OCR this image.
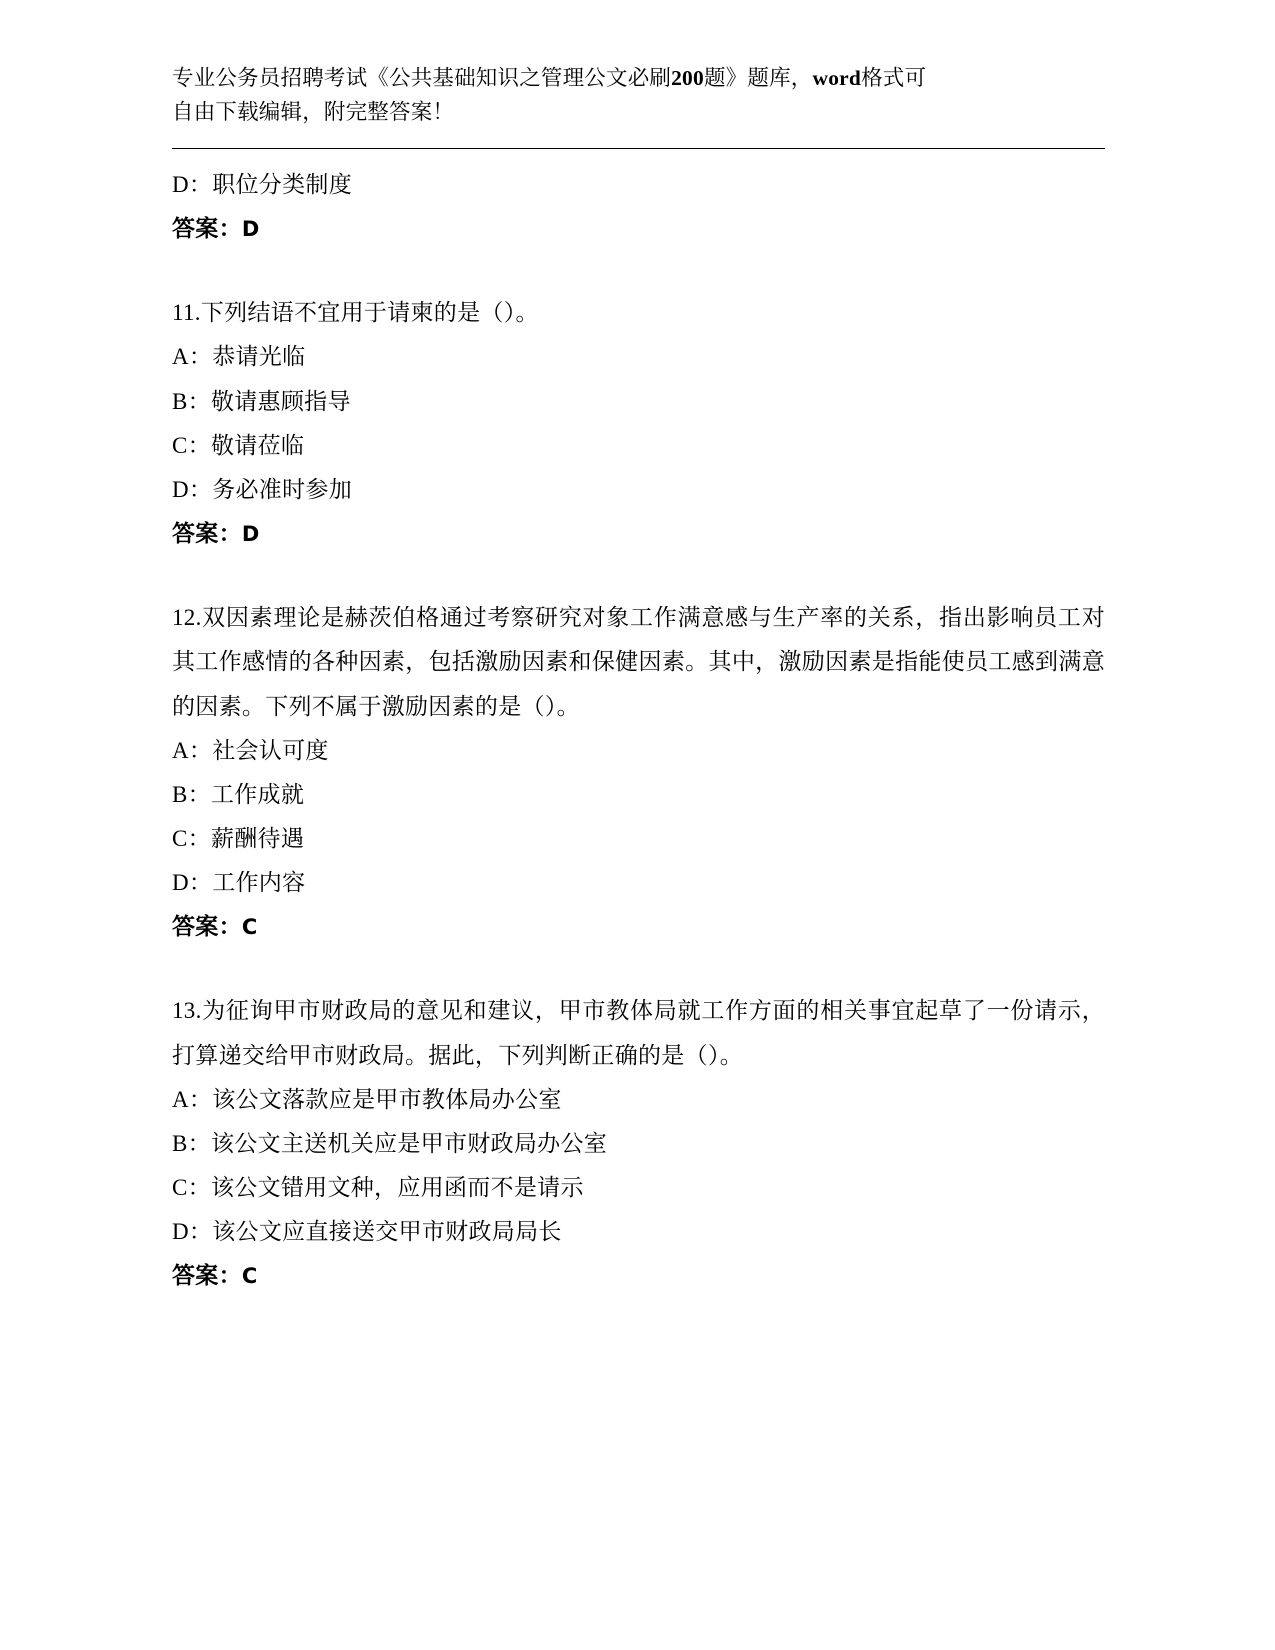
专业公务员招聘考试《公共基础知识之管理公文必刷200题》题库，word格式可
自由下载编辑，附完整答案！
D：职位分类制度
答案：D
11.下列结语不宜用于请柬的是（）。
A：恭请光临
B：敬请惠顾指导
C：敬请莅临
D：务必准时参加
答案：D
12.双因素理论是赫茨伯格通过考察研究对象工作满意感与生产率的关系，指出影响员工对其工作感情的各种因素，包括激励因素和保健因素。其中，激励因素是指能使员工感到满意的因素。下列不属于激励因素的是（）。
A：社会认可度
B：工作成就
C：薪酬待遇
D：工作内容
答案：C
13.为征询甲市财政局的意见和建议，甲市教体局就工作方面的相关事宜起草了一份请示，打算递交给甲市财政局。据此，下列判断正确的是（）。
A：该公文落款应是甲市教体局办公室
B：该公文主送机关应是甲市财政局办公室
C：该公文错用文种，应用函而不是请示
D：该公文应直接送交甲市财政局局长
答案：C
